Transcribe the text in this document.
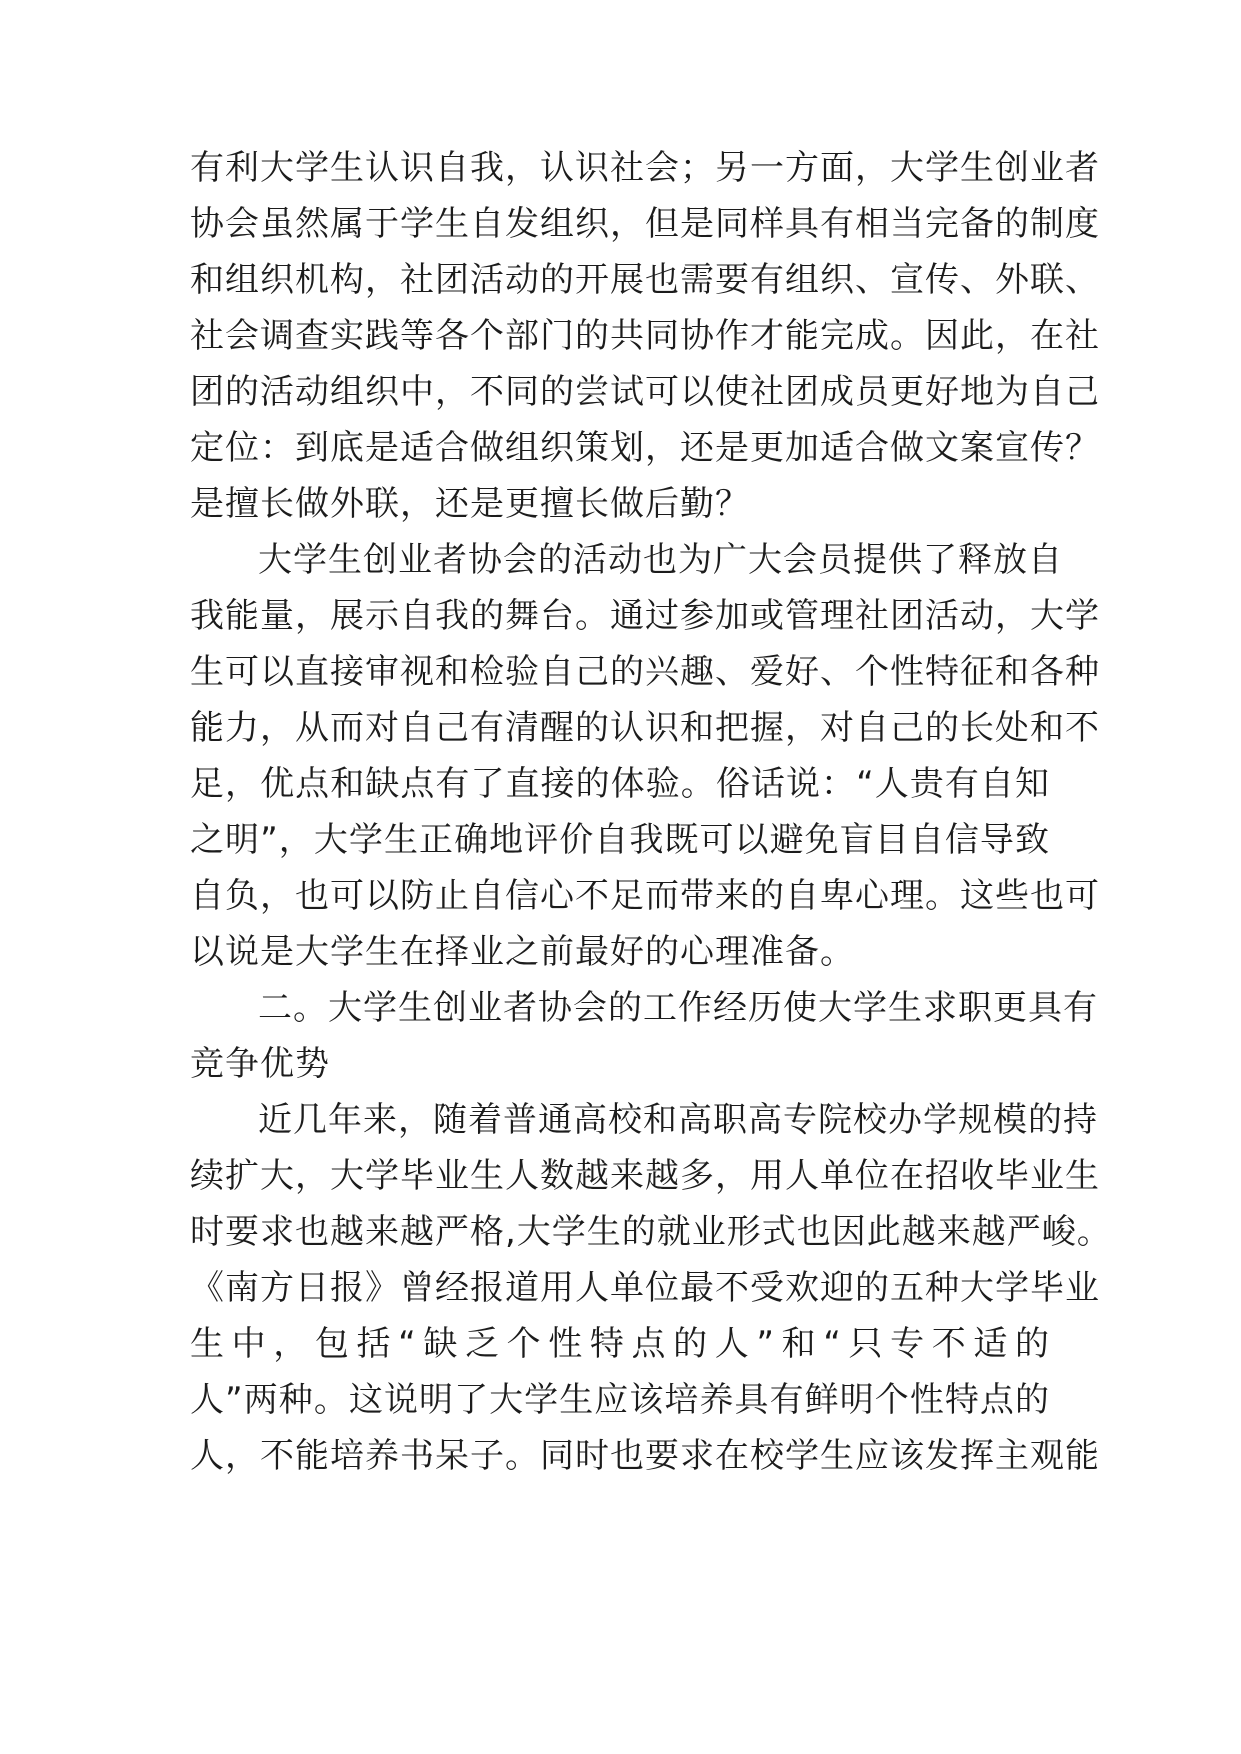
有利大学生认识自我，认识社会；另一方面，大学生创业者
协会虽然属于学生自发组织，但是同样具有相当完备的制度
和组织机构，社团活动的开展也需要有组织、宣传、外联、
社会调查实践等各个部门的共同协作才能完成。因此，在社
团的活动组织中，不同的尝试可以使社团成员更好地为自己
定位：到底是适合做组织策划，还是更加适合做文案宣传？
是擅长做外联，还是更擅长做后勤？
大学生创业者协会的活动也为广大会员提供了释放自
我能量，展示自我的舞台。通过参加或管理社团活动，大学
生可以直接审视和检验自己的兴趣、爱好、个性特征和各种
能力，从而对自己有清醒的认识和把握，对自己的长处和不
足，优点和缺点有了直接的体验。俗话说：“人贵有自知
之明”，大学生正确地评价自我既可以避免盲目自信导致
自负，也可以防止自信心不足而带来的自卑心理。这些也可
以说是大学生在择业之前最好的心理准备。
二。大学生创业者协会的工作经历使大学生求职更具有
竞争优势
近几年来，随着普通高校和高职高专院校办学规模的持
续扩大，大学毕业生人数越来越多，用人单位在招收毕业生
时要求也越来越严格,大学生的就业形式也因此越来越严峻。
《南方日报》曾经报道用人单位最不受欢迎的五种大学毕业
生中，包括“缺乏个性特点的人”和“只专不适的
人”两种。这说明了大学生应该培养具有鲜明个性特点的
人，不能培养书呆子。同时也要求在校学生应该发挥主观能
